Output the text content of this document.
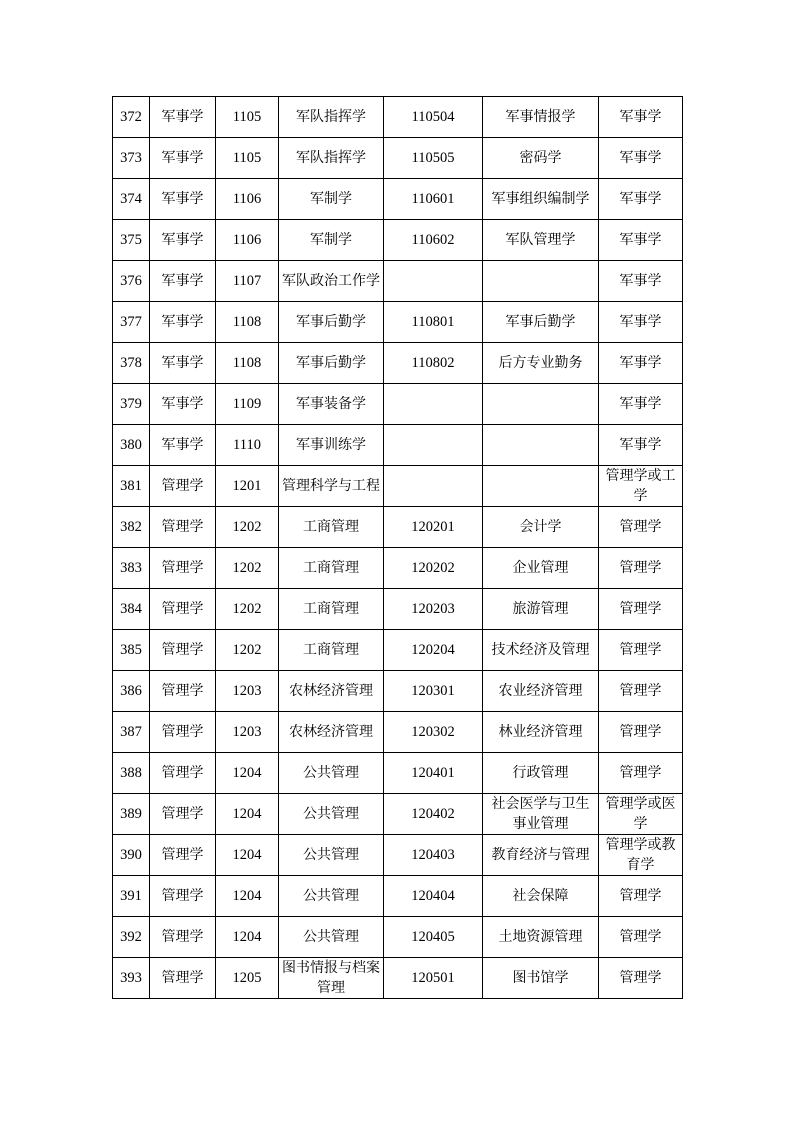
372	军事学	1105	军队指挥学	110504	军事情报学	军事学
373	军事学	1105	军队指挥学	110505	密码学	军事学
374	军事学	1106	军制学	110601	军事组织编制学	军事学
375	军事学	1106	军制学	110602	军队管理学	军事学
376	军事学	1107	军队政治工作学			军事学
377	军事学	1108	军事后勤学	110801	军事后勤学	军事学
378	军事学	1108	军事后勤学	110802	后方专业勤务	军事学
379	军事学	1109	军事装备学			军事学
380	军事学	1110	军事训练学			军事学
381	管理学	1201	管理科学与工程			管理学或工学
382	管理学	1202	工商管理	120201	会计学	管理学
383	管理学	1202	工商管理	120202	企业管理	管理学
384	管理学	1202	工商管理	120203	旅游管理	管理学
385	管理学	1202	工商管理	120204	技术经济及管理	管理学
386	管理学	1203	农林经济管理	120301	农业经济管理	管理学
387	管理学	1203	农林经济管理	120302	林业经济管理	管理学
388	管理学	1204	公共管理	120401	行政管理	管理学
389	管理学	1204	公共管理	120402	社会医学与卫生事业管理	管理学或医学
390	管理学	1204	公共管理	120403	教育经济与管理	管理学或教育学
391	管理学	1204	公共管理	120404	社会保障	管理学
392	管理学	1204	公共管理	120405	土地资源管理	管理学
393	管理学	1205	图书情报与档案管理	120501	图书馆学	管理学
